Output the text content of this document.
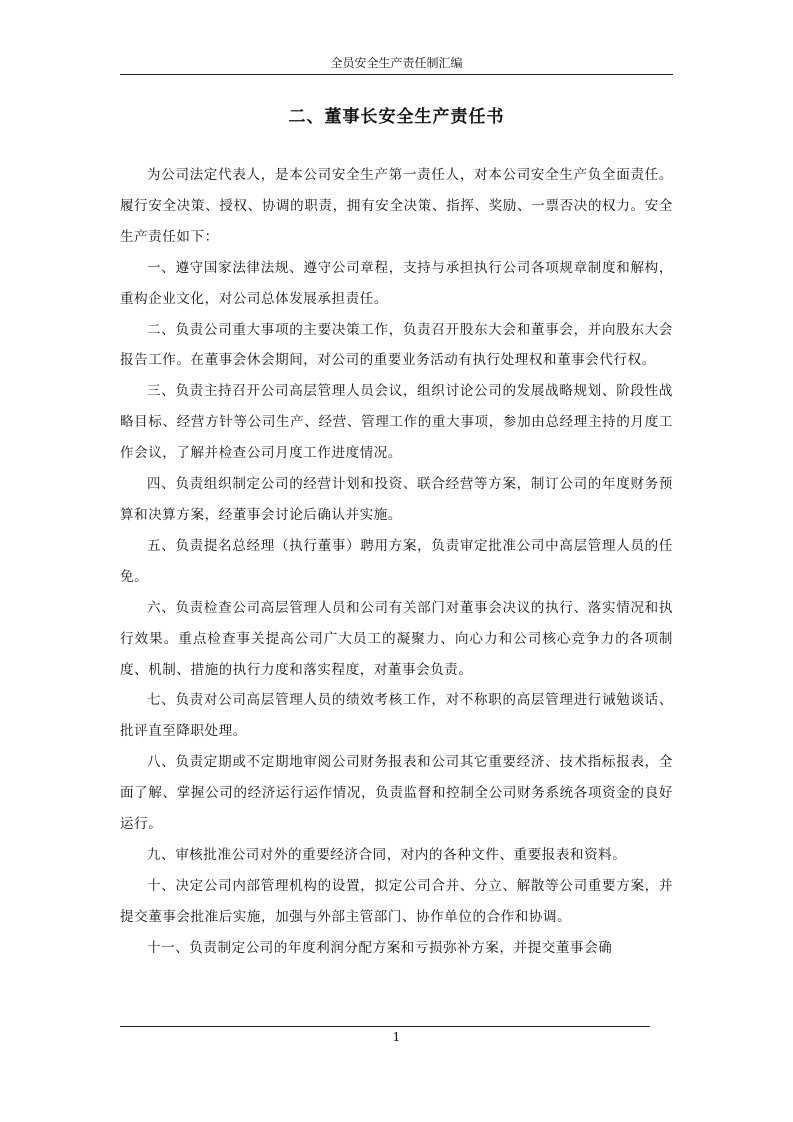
全员安全生产责任制汇编
二、董事长安全生产责任书

为公司法定代表人，是本公司安全生产第一责任人，对本公司安全生产负全面责任。履行安全决策、授权、协调的职责，拥有安全决策、指挥、奖励、一票否决的权力。安全生产责任如下：

一、遵守国家法律法规、遵守公司章程，支持与承担执行公司各项规章制度和解构，重构企业文化，对公司总体发展承担责任。

二、负责公司重大事项的主要决策工作，负责召开股东大会和董事会，并向股东大会报告工作。在董事会休会期间，对公司的重要业务活动有执行处理权和董事会代行权。

三、负责主持召开公司高层管理人员会议，组织讨论公司的发展战略规划、阶段性战略目标、经营方针等公司生产、经营、管理工作的重大事项，参加由总经理主持的月度工作会议，了解并检查公司月度工作进度情况。

四、负责组织制定公司的经营计划和投资、联合经营等方案，制订公司的年度财务预算和决算方案，经董事会讨论后确认并实施。

五、负责提名总经理（执行董事）聘用方案，负责审定批准公司中高层管理人员的任免。

六、负责检查公司高层管理人员和公司有关部门对董事会决议的执行、落实情况和执行效果。重点检查事关提高公司广大员工的凝聚力、向心力和公司核心竞争力的各项制度、机制、措施的执行力度和落实程度，对董事会负责。

七、负责对公司高层管理人员的绩效考核工作，对不称职的高层管理进行诫勉谈话、批评直至降职处理。

八、负责定期或不定期地审阅公司财务报表和公司其它重要经济、技术指标报表，全面了解、掌握公司的经济运行运作情况，负责监督和控制全公司财务系统各项资金的良好运行。

九、审核批准公司对外的重要经济合同，对内的各种文件、重要报表和资料。

十、决定公司内部管理机构的设置，拟定公司合并、分立、解散等公司重要方案，并提交董事会批准后实施，加强与外部主管部门、协作单位的合作和协调。

十一、负责制定公司的年度利润分配方案和亏损弥补方案，并提交董事会确

1
